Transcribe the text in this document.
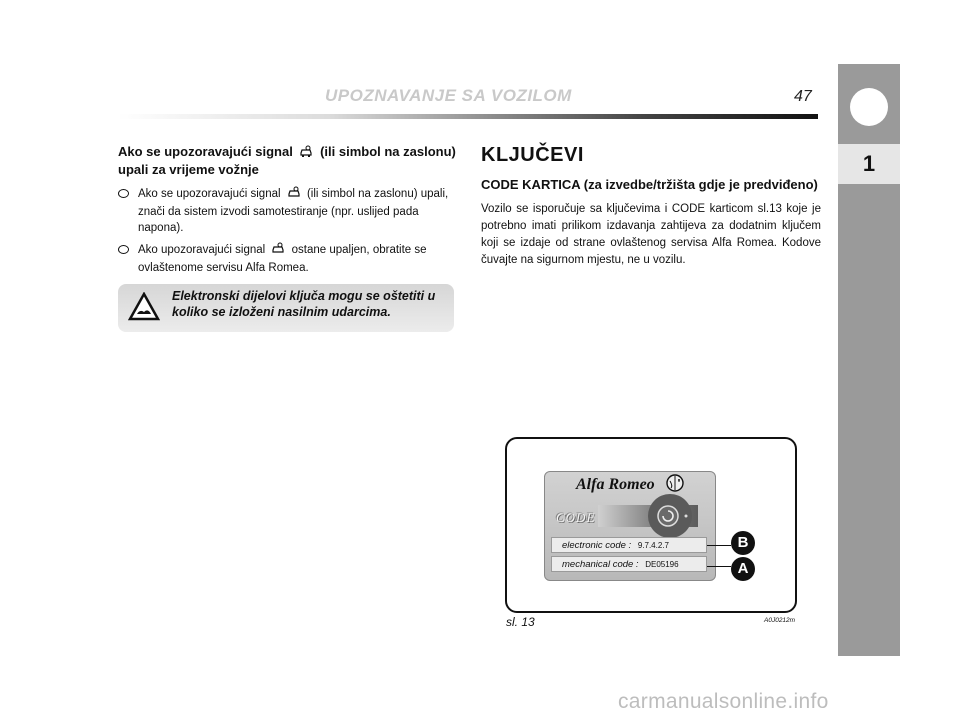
UPOZNAVANJE SA VOZILOM	47
1
Ako se upozoravajući signal (ili simbol na zaslonu) upali za vrijeme vožnje
Ako se upozoravajući signal (ili simbol na zaslonu) upali, znači da sistem izvodi samotestiranje (npr. uslijed pada napona).
Ako upozoravajući signal ostane upaljen, obratite se ovlaštenome servisu Alfa Romea.
Elektronski dijelovi ključa mogu se oštetiti u koliko se izloženi nasilnim udarcima.
KLJUČEVI
CODE KARTICA (za izvedbe/tržišta gdje je predviđeno)
Vozilo se isporučuje sa ključevima i CODE karticom sl.13 koje je potrebno imati prilikom izdavanja zahtijeva za dodatnim ključem koji se izdaje od strane ovlaštenog servisa Alfa Romea. Kodove čuvajte na sigurnom mjestu, ne u vozilu.
Alfa Romeo
CODE
electronic code : 9.7.4.2.7
mechanical code : DE05196
B
A
sl. 13	A0J0212m
carmanualsonline.info
